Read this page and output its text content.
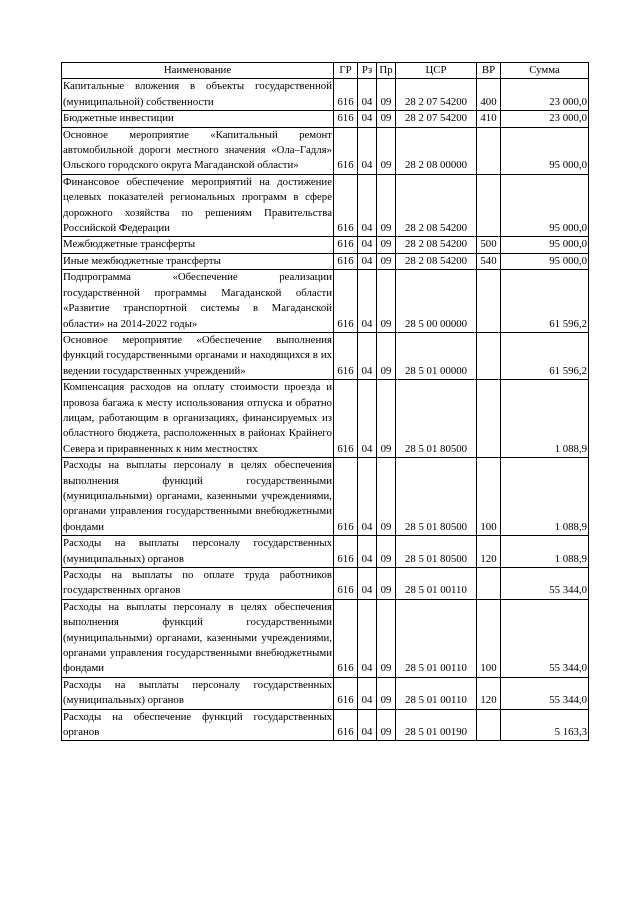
Наименование	ГР	Рз	Пр	ЦСР	ВР	Сумма
Капитальные вложения в объекты государственной (муниципальной) собственности	616	04	09	28 2 07 54200	400	23 000,0
Бюджетные инвестиции	616	04	09	28 2 07 54200	410	23 000,0
Основное мероприятие «Капитальный ремонт автомобильной дороги местного значения «Ола–Гадля» Ольского городского округа Магаданской области»	616	04	09	28 2 08 00000		95 000,0
Финансовое обеспечение мероприятий на достижение целевых показателей региональных программ в сфере дорожного хозяйства по решениям Правительства Российской Федерации	616	04	09	28 2 08 54200		95 000,0
Межбюджетные трансферты	616	04	09	28 2 08 54200	500	95 000,0
Иные межбюджетные трансферты	616	04	09	28 2 08 54200	540	95 000,0
Подпрограмма «Обеспечение реализации государственной программы Магаданской области «Развитие транспортной системы в Магаданской области» на 2014-2022 годы»	616	04	09	28 5 00 00000		61 596,2
Основное мероприятие «Обеспечение выполнения функций государственными органами и находящихся в их ведении государственных учреждений»	616	04	09	28 5 01 00000		61 596,2
Компенсация расходов на оплату стоимости проезда и провоза багажа к месту использования отпуска и обратно лицам, работающим в организациях, финансируемых из областного бюджета, расположенных в районах Крайнего Севера и приравненных к ним местностях	616	04	09	28 5 01 80500		1 088,9
Расходы на выплаты персоналу в целях обеспечения выполнения функций государственными (муниципальными) органами, казенными учреждениями, органами управления государственными внебюджетными фондами	616	04	09	28 5 01 80500	100	1 088,9
Расходы на выплаты персоналу государственных (муниципальных) органов	616	04	09	28 5 01 80500	120	1 088,9
Расходы на выплаты по оплате труда работников государственных органов	616	04	09	28 5 01 00110		55 344,0
Расходы на выплаты персоналу в целях обеспечения выполнения функций государственными (муниципальными) органами, казенными учреждениями, органами управления государственными внебюджетными фондами	616	04	09	28 5 01 00110	100	55 344,0
Расходы на выплаты персоналу государственных (муниципальных) органов	616	04	09	28 5 01 00110	120	55 344,0
Расходы на обеспечение функций государственных органов	616	04	09	28 5 01 00190		5 163,3
